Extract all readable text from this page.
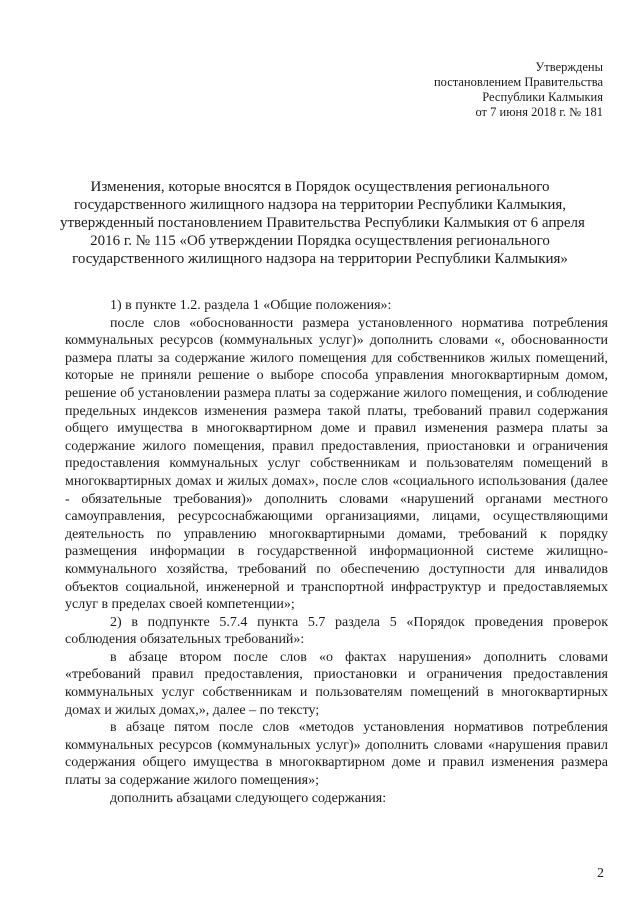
Утверждены
постановлением Правительства
Республики Калмыкия
от 7 июня 2018 г. № 181
Изменения, которые вносятся в Порядок осуществления регионального
государственного жилищного надзора на территории Республики Калмыкия,
утвержденный постановлением Правительства Республики Калмыкия от 6 апреля
2016 г. № 115 «Об утверждении Порядка осуществления регионального
государственного жилищного надзора на территории Республики Калмыкия»

1) в пункте 1.2. раздела 1 «Общие положения»:

после слов «обоснованности размера установленного норматива потребления коммунальных ресурсов (коммунальных услуг)» дополнить словами «, обоснованности размера платы за содержание жилого помещения для собственников жилых помещений, которые не приняли решение о выборе способа управления многоквартирным домом, решение об установлении размера платы за содержание жилого помещения, и соблюдение предельных индексов изменения размера такой платы, требований правил содержания общего имущества в многоквартирном доме и правил изменения размера платы за содержание жилого помещения, правил предоставления, приостановки и ограничения предоставления коммунальных услуг собственникам и пользователям помещений в многоквартирных домах и жилых домах», после слов «социального использования (далее - обязательные требования)» дополнить словами «нарушений органами местного самоуправления, ресурсоснабжающими организациями, лицами, осуществляющими деятельность по управлению многоквартирными домами, требований к порядку размещения информации в государственной информационной системе жилищно-коммунального хозяйства, требований по обеспечению доступности для инвалидов объектов социальной, инженерной и транспортной инфраструктур и предоставляемых услуг в пределах своей компетенции»;

2) в подпункте 5.7.4 пункта 5.7 раздела 5 «Порядок проведения проверок соблюдения обязательных требований»:

в абзаце втором после слов «о фактах нарушения» дополнить словами «требований правил предоставления, приостановки и ограничения предоставления коммунальных услуг собственникам и пользователям помещений в многоквартирных домах и жилых домах,», далее – по тексту;

в абзаце пятом после слов «методов установления нормативов потребления коммунальных ресурсов (коммунальных услуг)» дополнить словами «нарушения правил содержания общего имущества в многоквартирном доме и правил изменения размера платы за содержание жилого помещения»;

дополнить абзацами следующего содержания:

2
